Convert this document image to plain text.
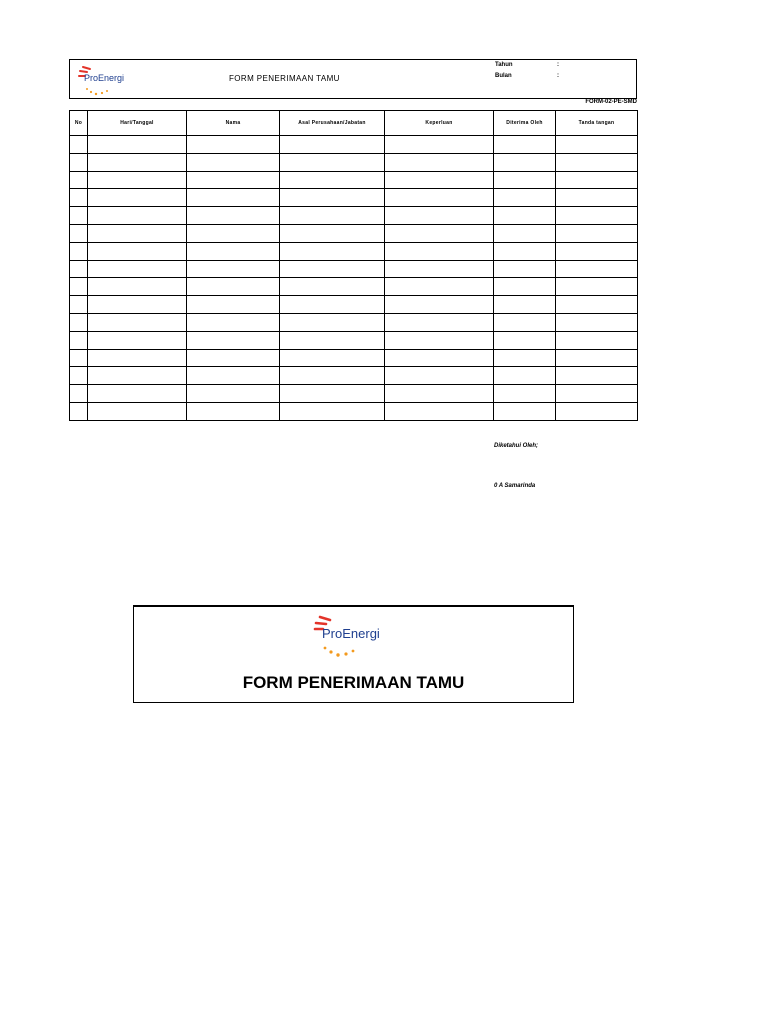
ProEnergi	FORM PENERIMAAN TAMU
Tahun	:
Bulan	:
FORM-02-PE-SMD
No	Hari/Tanggal	Nama	Asal Perusahaan/Jabatan	Keperluan	Diterima Oleh	Tanda tangan

Diketahui Oleh;
0 A Samarinda
ProEnergi
FORM PENERIMAAN TAMU
